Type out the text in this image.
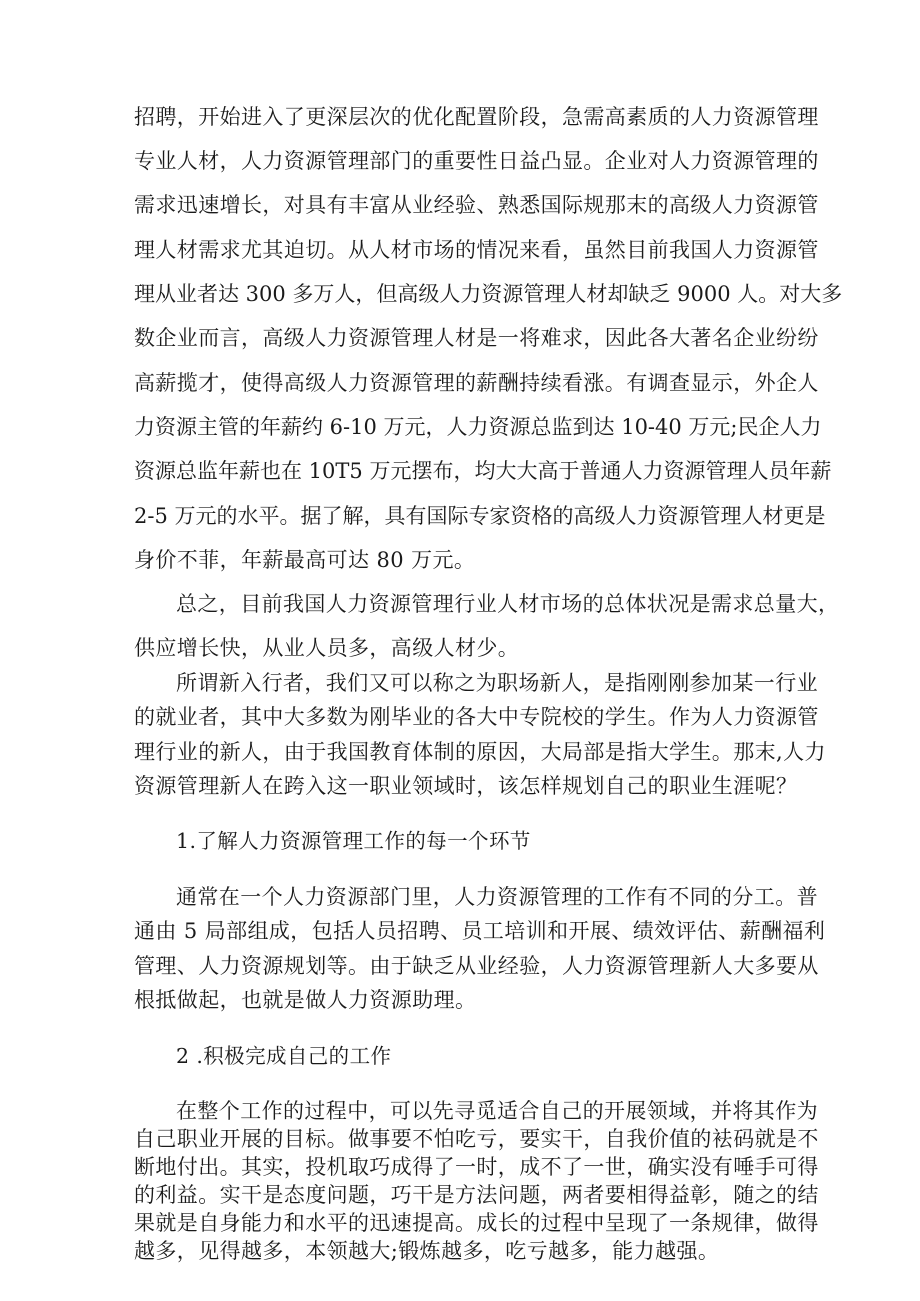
招聘，开始进入了更深层次的优化配置阶段，急需高素质的人力资源管理

专业人材，人力资源管理部门的重要性日益凸显。企业对人力资源管理的

需求迅速增长，对具有丰富从业经验、熟悉国际规那末的高级人力资源管

理人材需求尤其迫切。从人材市场的情况来看，虽然目前我国人力资源管

理从业者达 300 多万人，但高级人力资源管理人材却缺乏 9000 人。对大多

数企业而言，高级人力资源管理人材是一将难求，因此各大著名企业纷纷

高薪揽才，使得高级人力资源管理的薪酬持续看涨。有调查显示，外企人

力资源主管的年薪约 6-10 万元，人力资源总监到达 10-40 万元;民企人力

资源总监年薪也在 10T5 万元摆布，均大大高于普通人力资源管理人员年薪

2-5 万元的水平。据了解，具有国际专家资格的高级人力资源管理人材更是

身价不菲，年薪最高可达 80 万元。

总之，目前我国人力资源管理行业人材市场的总体状况是需求总量大，

供应增长快，从业人员多，高级人材少。

所谓新入行者，我们又可以称之为职场新人，是指刚刚参加某一行业

的就业者，其中大多数为刚毕业的各大中专院校的学生。作为人力资源管

理行业的新人，由于我国教育体制的原因，大局部是指大学生。那末,人力

资源管理新人在跨入这一职业领域时，该怎样规划自己的职业生涯呢？

1.了解人力资源管理工作的每一个环节

通常在一个人力资源部门里，人力资源管理的工作有不同的分工。普

通由 5 局部组成，包括人员招聘、员工培训和开展、绩效评估、薪酬福利

管理、人力资源规划等。由于缺乏从业经验，人力资源管理新人大多要从

根抵做起，也就是做人力资源助理。

2 .积极完成自己的工作

在整个工作的过程中，可以先寻觅适合自己的开展领域，并将其作为

自己职业开展的目标。做事要不怕吃亏，要实干，自我价值的袪码就是不

断地付出。其实，投机取巧成得了一时，成不了一世，确实没有唾手可得

的利益。实干是态度问题，巧干是方法问题，两者要相得益彰，随之的结

果就是自身能力和水平的迅速提高。成长的过程中呈现了一条规律，做得

越多，见得越多，本领越大;锻炼越多，吃亏越多，能力越强。
